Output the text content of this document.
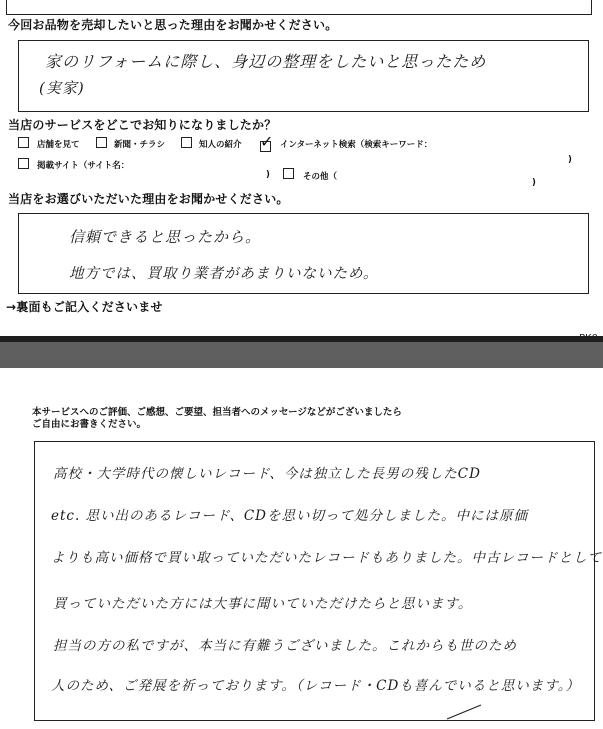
今回お品物を売却したいと思った理由をお聞かせください。
家のリフォームに際し、身辺の整理をしたいと思ったため
(実家)
当店のサービスをどこでお知りになりましたか？
店舗を見て	新聞・チラシ	知人の紹介 ✓ インターネット検索（検索キーワード：
)
掲載サイト（サイト名：
)	その他（
)
当店をお選びいただいた理由をお聞かせください。
信頼できると思ったから。
地方では、買取り業者があまりいないため。
→裏面もご記入くださいませ
本サービスへのご評価、ご感想、ご要望、担当者へのメッセージなどがございましたら
ご自由にお書きください。
高校・大学時代の懐しいレコード、今は独立した長男の残したCD
etc. 思い出のあるレコード、CDを思い切って処分しました。中には原価
よりも高い価格で買い取っていただいたレコードもありました。中古レコードとして
買っていただいた方には大事に聞いていただけたらと思います。
担当の方の私ですが、本当に有難うございました。これからも世のため
人のため、ご発展を祈っております。（レコード・CDも喜んでいると思います。）
